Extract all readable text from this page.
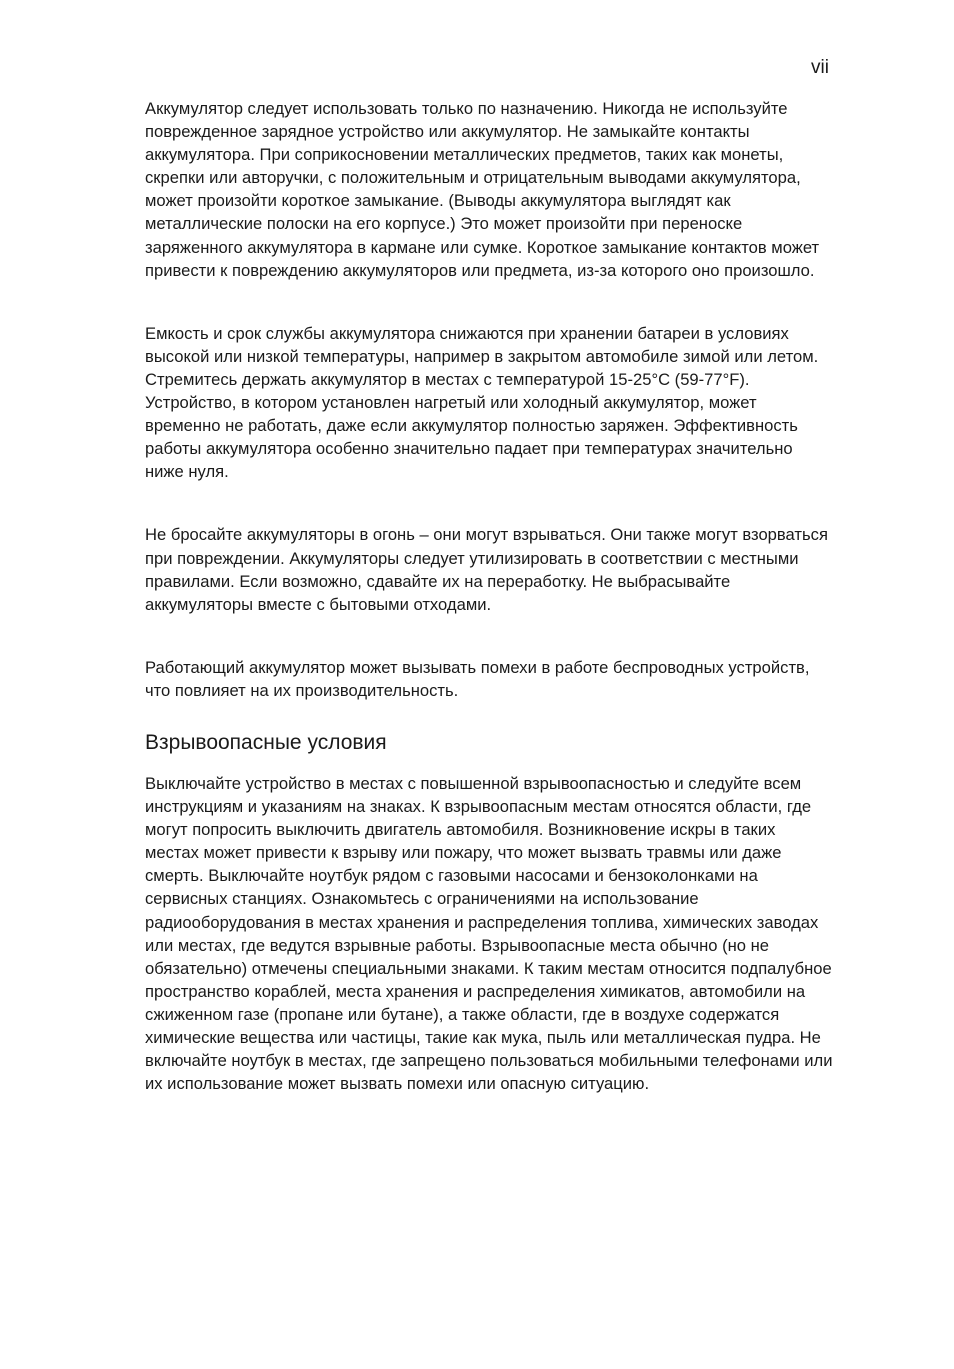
vii

Аккумулятор следует использовать только по назначению. Никогда не используйте поврежденное зарядное устройство или аккумулятор. Не замыкайте контакты аккумулятора. При соприкосновении металлических предметов, таких как монеты, скрепки или авторучки, с положительным и отрицательным выводами аккумулятора, может произойти короткое замыкание. (Выводы аккумулятора выглядят как металлические полоски на его корпусе.) Это может произойти при переноске заряженного аккумулятора в кармане или сумке. Короткое замыкание контактов может привести к повреждению аккумуляторов или предмета, из-за которого оно произошло.

Емкость и срок службы аккумулятора снижаются при хранении батареи в условиях высокой или низкой температуры, например в закрытом автомобиле зимой или летом. Стремитесь держать аккумулятор в местах с температурой 15-25°C (59-77°F). Устройство, в котором установлен нагретый или холодный аккумулятор, может временно не работать, даже если аккумулятор полностью заряжен. Эффективность работы аккумулятора особенно значительно падает при температурах значительно ниже нуля.

Не бросайте аккумуляторы в огонь – они могут взрываться. Они также могут взорваться при повреждении. Аккумуляторы следует утилизировать в соответствии с местными правилами. Если возможно, сдавайте их на переработку. Не выбрасывайте аккумуляторы вместе с бытовыми отходами.

Работающий аккумулятор может вызывать помехи в работе беспроводных устройств, что повлияет на их производительность.

Взрывоопасные условия

Выключайте устройство в местах с повышенной взрывоопасностью и следуйте всем инструкциям и указаниям на знаках. К взрывоопасным местам относятся области, где могут попросить выключить двигатель автомобиля. Возникновение искры в таких местах может привести к взрыву или пожару, что может вызвать травмы или даже смерть. Выключайте ноутбук рядом с газовыми насосами и бензоколонками на сервисных станциях. Ознакомьтесь с ограничениями на использование радиооборудования в местах хранения и распределения топлива, химических заводах или местах, где ведутся взрывные работы. Взрывоопасные места обычно (но не обязательно) отмечены специальными знаками. К таким местам относится подпалубное пространство кораблей, места хранения и распределения химикатов, автомобили на сжиженном газе (пропане или бутане), а также области, где в воздухе содержатся химические вещества или частицы, такие как мука, пыль или металлическая пудра. Не включайте ноутбук в местах, где запрещено пользоваться мобильными телефонами или их использование может вызвать помехи или опасную ситуацию.
